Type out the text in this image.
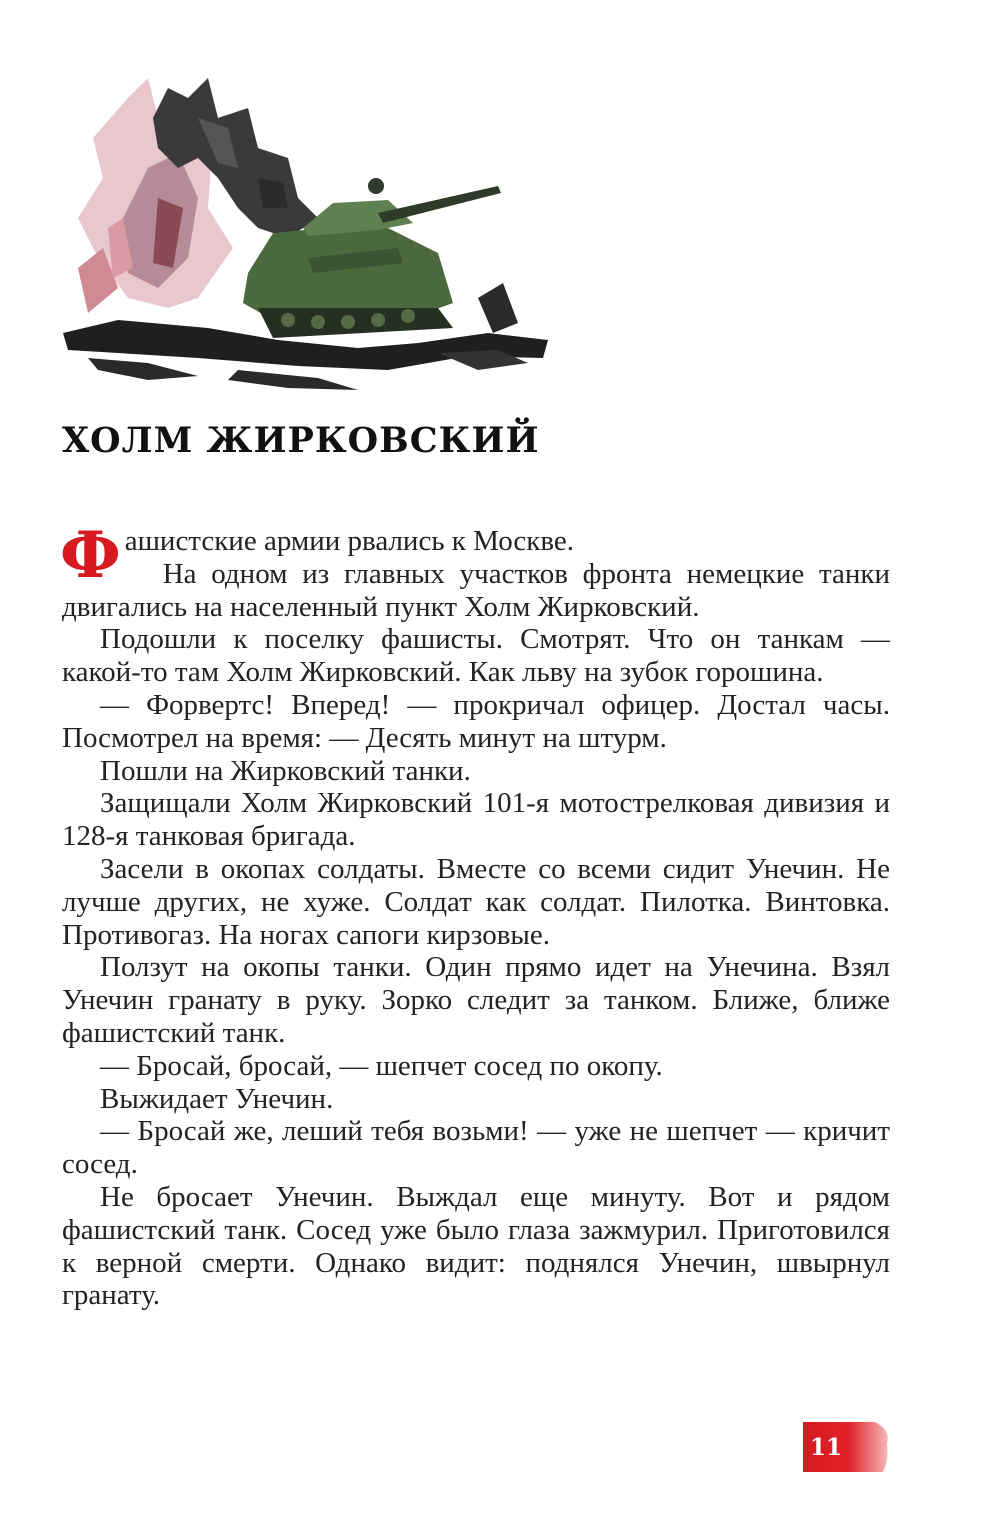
ХОЛМ ЖИРКОВСКИЙ

Ф ашистские армии рвались к Москве.

На одном из главных участков фронта немецкие танки двигались на населенный пункт Холм Жирковский.

Подошли к поселку фашисты. Смотрят. Что он танкам — какой-то там Холм Жирковский. Как льву на зубок горошина.

— Форвертс! Вперед! — прокричал офицер. Достал часы. Посмотрел на время: — Десять минут на штурм.

Пошли на Жирковский танки.

Защищали Холм Жирковский 101-я мотострелковая дивизия и 128-я танковая бригада.

Засели в окопах солдаты. Вместе со всеми сидит Унечин. Не лучше других, не хуже. Солдат как солдат. Пилотка. Винтовка. Противогаз. На ногах сапоги кирзовые.

Ползут на окопы танки. Один прямо идет на Унечина. Взял Унечин гранату в руку. Зорко следит за танком. Ближе, ближе фашистский танк.

— Бросай, бросай, — шепчет сосед по окопу.

Выжидает Унечин.

— Бросай же, леший тебя возьми! — уже не шепчет — кричит сосед.

Не бросает Унечин. Выждал еще минуту. Вот и рядом фашистский танк. Сосед уже было глаза зажмурил. Приготовился к верной смерти. Однако видит: поднялся Унечин, швырнул гранату.

11
